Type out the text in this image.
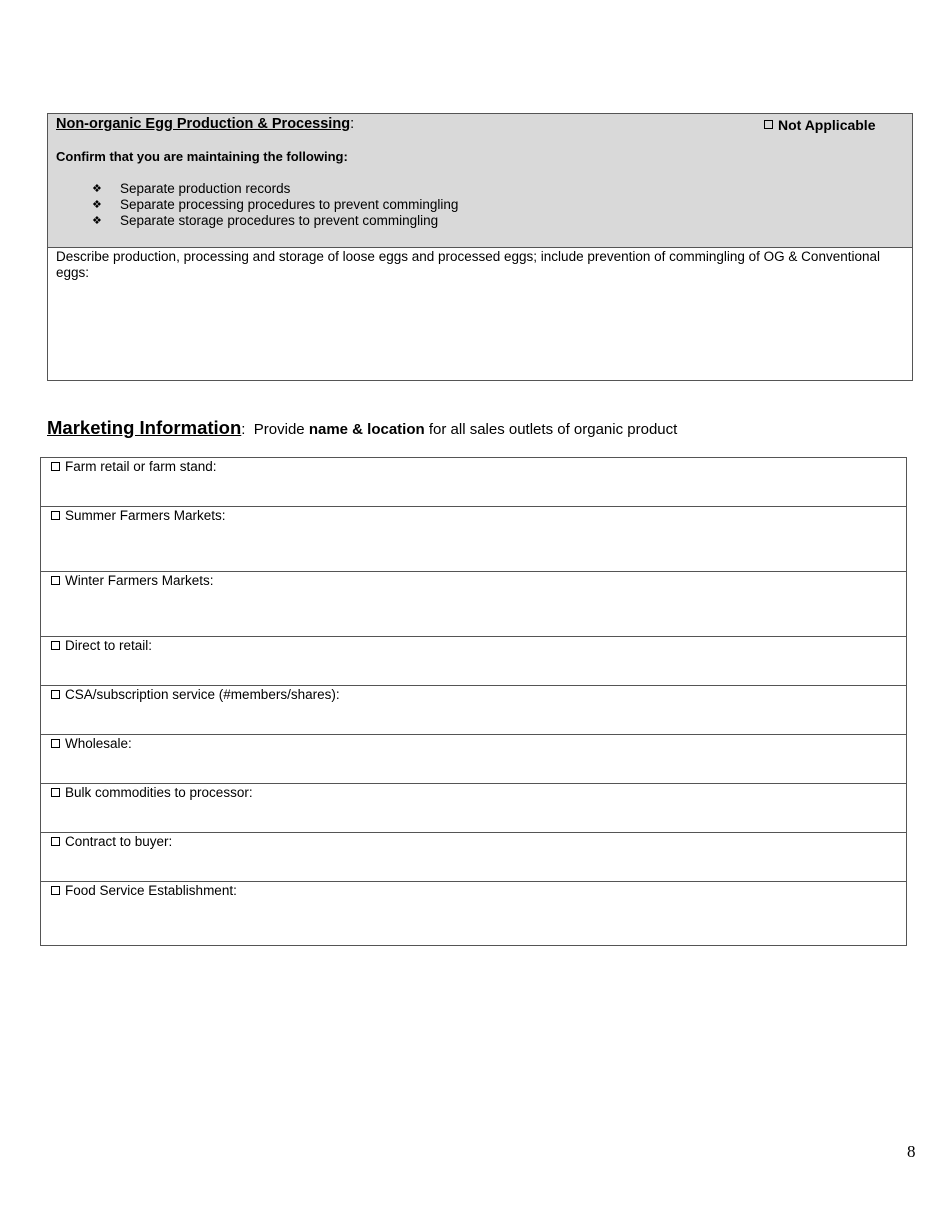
Non-organic Egg Production & Processing:	Not Applicable
Confirm that you are maintaining the following:
❖	Separate production records
❖	Separate processing procedures to prevent commingling
❖	Separate storage procedures to prevent commingling
Describe production, processing and storage of loose eggs and processed eggs; include prevention of commingling of OG & Conventional eggs:
Marketing Information: Provide name & location for all sales outlets of organic product
Farm retail or farm stand:
Summer Farmers Markets:
Winter Farmers Markets:
Direct to retail:
CSA/subscription service (#members/shares):
Wholesale:
Bulk commodities to processor:
Contract to buyer:
Food Service Establishment:
8
